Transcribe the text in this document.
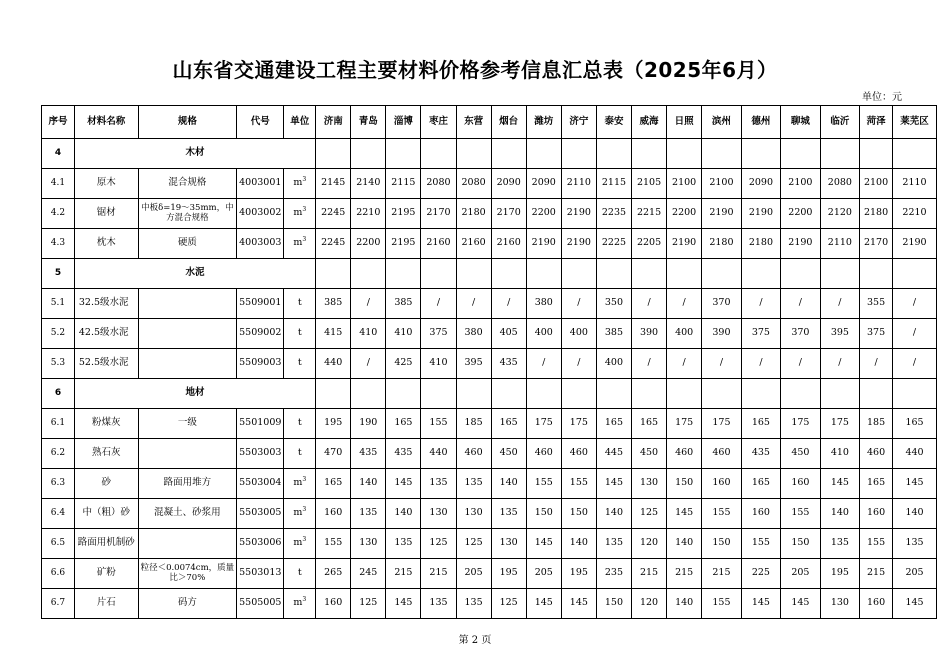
山东省交通建设工程主要材料价格参考信息汇总表（2025年6月）
单位：元
序号	材料名称	规格	代号	单位	济南	青岛	淄博	枣庄	东营	烟台	潍坊	济宁	泰安	威海	日照	滨州	德州	聊城	临沂	菏泽	莱芜区
4	木材																				
4.1	原木	混合规格	4003001	$m^3$	2145	2140	2115	2080	2080	2090	2090	2110	2115	2105	2100	2100	2090	2100	2080	2100	2110
4.2	锯材	中板δ=19～35mm，中方混合规格	4003002	$m^3$	2245	2210	2195	2170	2180	2170	2200	2190	2235	2215	2200	2190	2190	2200	2120	2180	2210
4.3	枕木	硬质	4003003	$m^3$	2245	2200	2195	2160	2160	2160	2190	2190	2225	2205	2190	2180	2180	2190	2110	2170	2190
5	水泥																				
5.1	32.5级水泥		5509001	t	385	/	385	/	/	/	380	/	350	/	/	370	/	/	/	355	/
5.2	42.5级水泥		5509002	t	415	410	410	375	380	405	400	400	385	390	400	390	375	370	395	375	/
5.3	52.5级水泥		5509003	t	440	/	425	410	395	435	/	/	400	/	/	/	/	/	/	/	/
6	地材																				
6.1	粉煤灰	一级	5501009	t	195	190	165	155	185	165	175	175	165	165	175	175	165	175	175	185	165
6.2	熟石灰		5503003	t	470	435	435	440	460	450	460	460	445	450	460	460	435	450	410	460	440
6.3	砂	路面用堆方	5503004	$m^3$	165	140	145	135	135	140	155	155	145	130	150	160	165	160	145	165	145
6.4	中（粗）砂	混凝土、砂浆用	5503005	$m^3$	160	135	140	130	130	135	150	150	140	125	145	155	160	155	140	160	140
6.5	路面用机制砂		5503006	$m^3$	155	130	135	125	125	130	145	140	135	120	140	150	155	150	135	155	135
6.6	矿粉	粒径＜0.0074cm，质量比＞70%	5503013	t	265	245	215	215	205	195	205	195	235	215	215	215	225	205	195	215	205
6.7	片石	码方	5505005	$m^3$	160	125	145	135	135	125	145	145	150	120	140	155	145	145	130	160	145
第 2 页
